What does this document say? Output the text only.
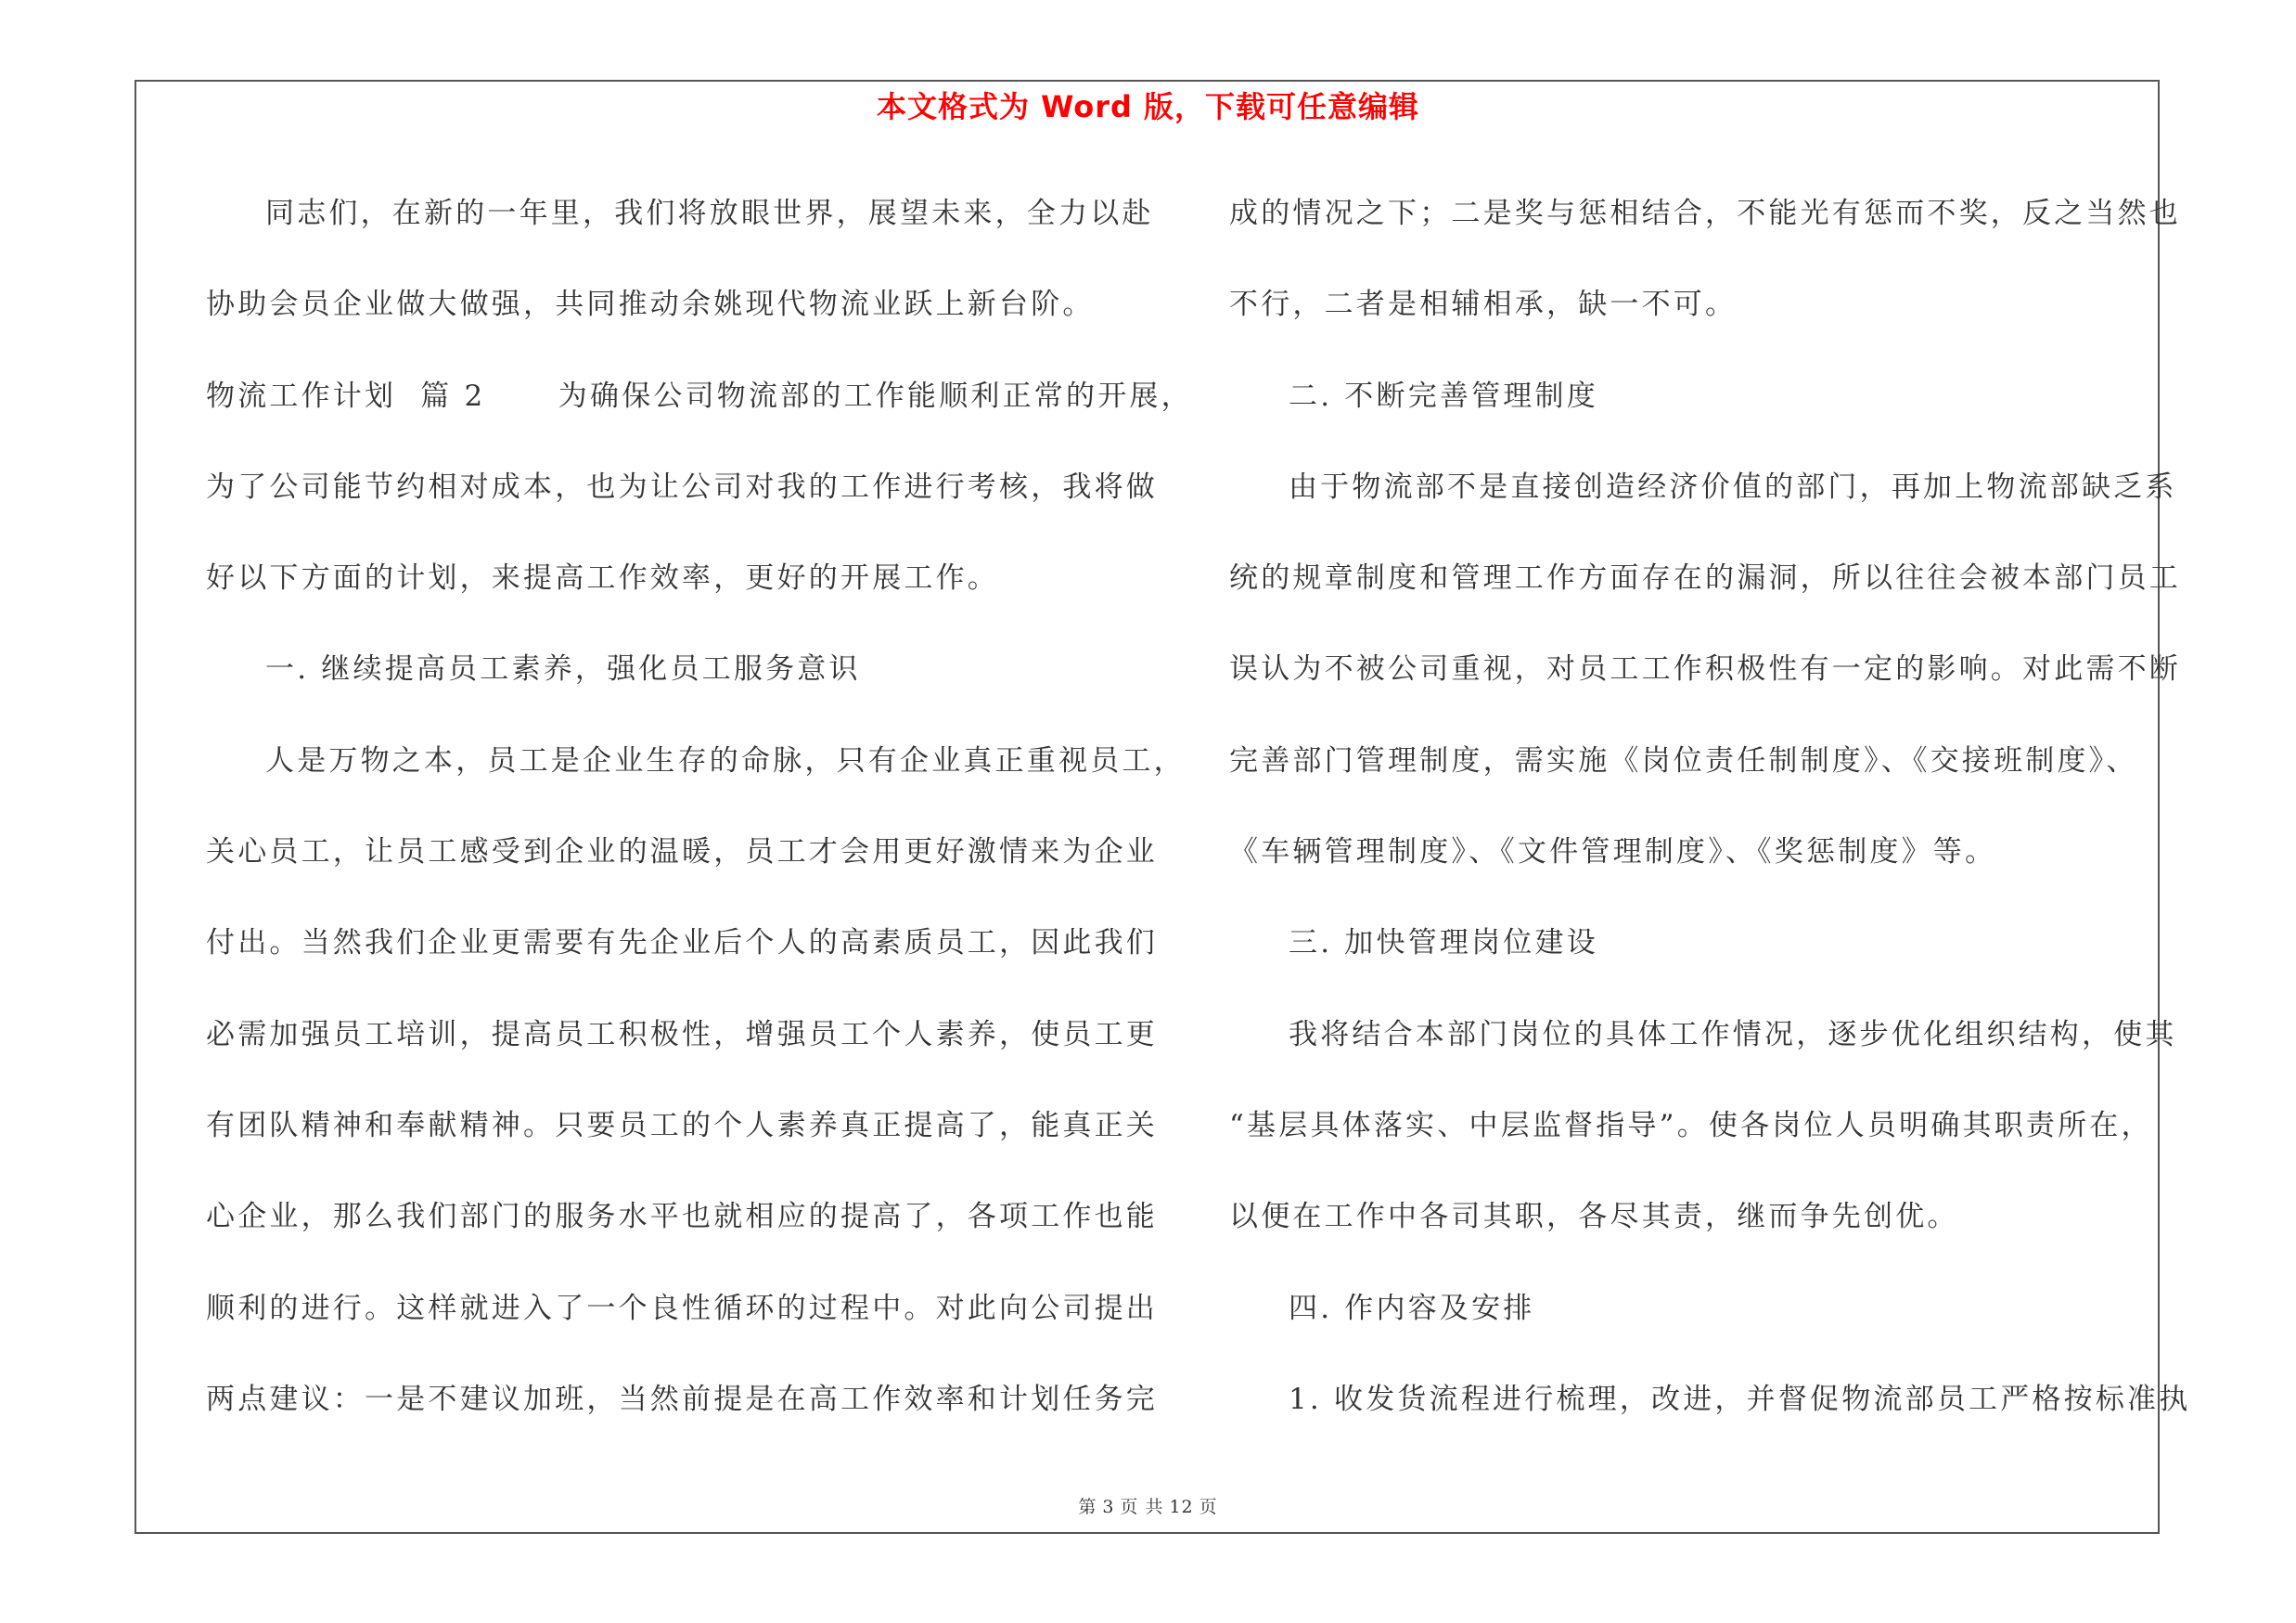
本文格式为 Word 版，下载可任意编辑
同志们，在新的一年里，我们将放眼世界，展望未来，全力以赴
协助会员企业做大做强，共同推动余姚现代物流业跃上新台阶。
物流工作计划  篇 2      为确保公司物流部的工作能顺利正常的开展，
为了公司能节约相对成本，也为让公司对我的工作进行考核，我将做
好以下方面的计划，来提高工作效率，更好的开展工作。
一. 继续提高员工素养，强化员工服务意识
人是万物之本，员工是企业生存的命脉，只有企业真正重视员工，
关心员工，让员工感受到企业的温暖，员工才会用更好激情来为企业
付出。当然我们企业更需要有先企业后个人的高素质员工，因此我们
必需加强员工培训，提高员工积极性，增强员工个人素养，使员工更
有团队精神和奉献精神。只要员工的个人素养真正提高了，能真正关
心企业，那么我们部门的服务水平也就相应的提高了，各项工作也能
顺利的进行。这样就进入了一个良性循环的过程中。对此向公司提出
两点建议：一是不建议加班，当然前提是在高工作效率和计划任务完
成的情况之下；二是奖与惩相结合，不能光有惩而不奖，反之当然也
不行，二者是相辅相承，缺一不可。
二. 不断完善管理制度
由于物流部不是直接创造经济价值的部门，再加上物流部缺乏系
统的规章制度和管理工作方面存在的漏洞，所以往往会被本部门员工
误认为不被公司重视，对员工工作积极性有一定的影响。对此需不断
完善部门管理制度，需实施《岗位责任制制度》、《交接班制度》、
《车辆管理制度》、《文件管理制度》、《奖惩制度》等。
三. 加快管理岗位建设
我将结合本部门岗位的具体工作情况，逐步优化组织结构，使其
“基层具体落实、中层监督指导”。使各岗位人员明确其职责所在，
以便在工作中各司其职，各尽其责，继而争先创优。
四. 作内容及安排
1. 收发货流程进行梳理，改进，并督促物流部员工严格按标准执
第 3 页 共 12 页
